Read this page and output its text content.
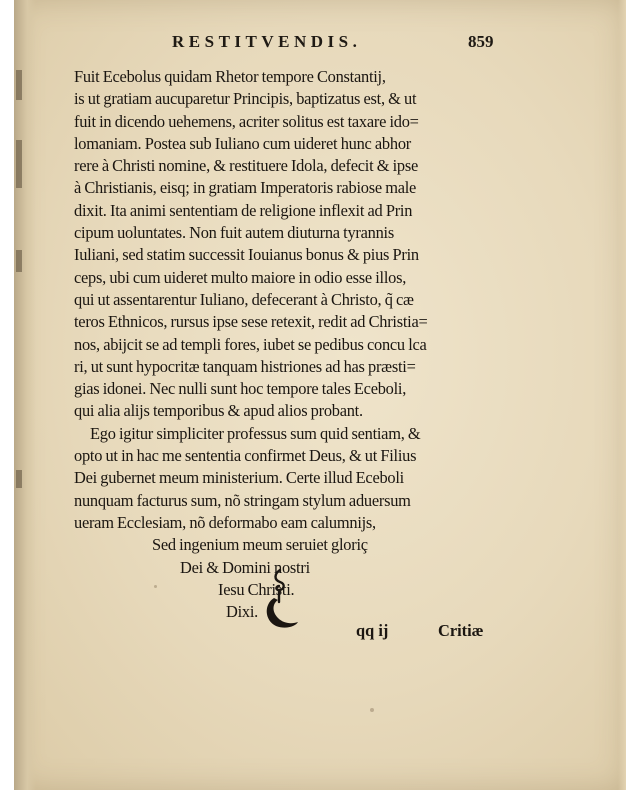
RESTITVENDIS.	859
Fuit Ecebolus quidam Rhetor tempore Constantij,
is ut gratiam aucuparetur Principis, baptizatus est, & ut
fuit in dicendo uehemens, acriter solitus est taxare ido=
lomaniam. Postea sub Iuliano cum uideret hunc abhor
rere à Christi nomine, & restituere Idola, defecit & ipse
à Christianis, eisq; in gratiam Imperatoris rabiose male
dixit. Ita animi sententiam de religione inflexit ad Prin
cipum uoluntates. Non fuit autem diuturna tyrannis
Iuliani, sed statim successit Iouianus bonus & pius Prin
ceps, ubi cum uideret multo maiore in odio esse illos,
qui ut assentarentur Iuliano, defecerant à Christo, q̃ cæ
teros Ethnicos, rursus ipse sese retexit, redit ad Christia=
nos, abijcit se ad templi fores, iubet se pedibus concu lca
ri, ut sunt hypocritæ tanquam histriones ad has præsti=
gias idonei. Nec nulli sunt hoc tempore tales Eceboli,
qui alia alijs temporibus & apud alios probant.
Ego igitur simpliciter professus sum quid sentiam, &
opto ut in hac me sententia confirmet Deus, & ut Filius
Dei gubernet meum ministerium. Certe illud Eceboli
nunquam facturus sum, nõ stringam stylum aduersum
ueram Ecclesiam, nõ deformabo eam calumnijs,
Sed ingenium meum seruiet gloriç
Dei & Domini nostri
Iesu Christi.
Dixi.
qq ij	Critiæ
